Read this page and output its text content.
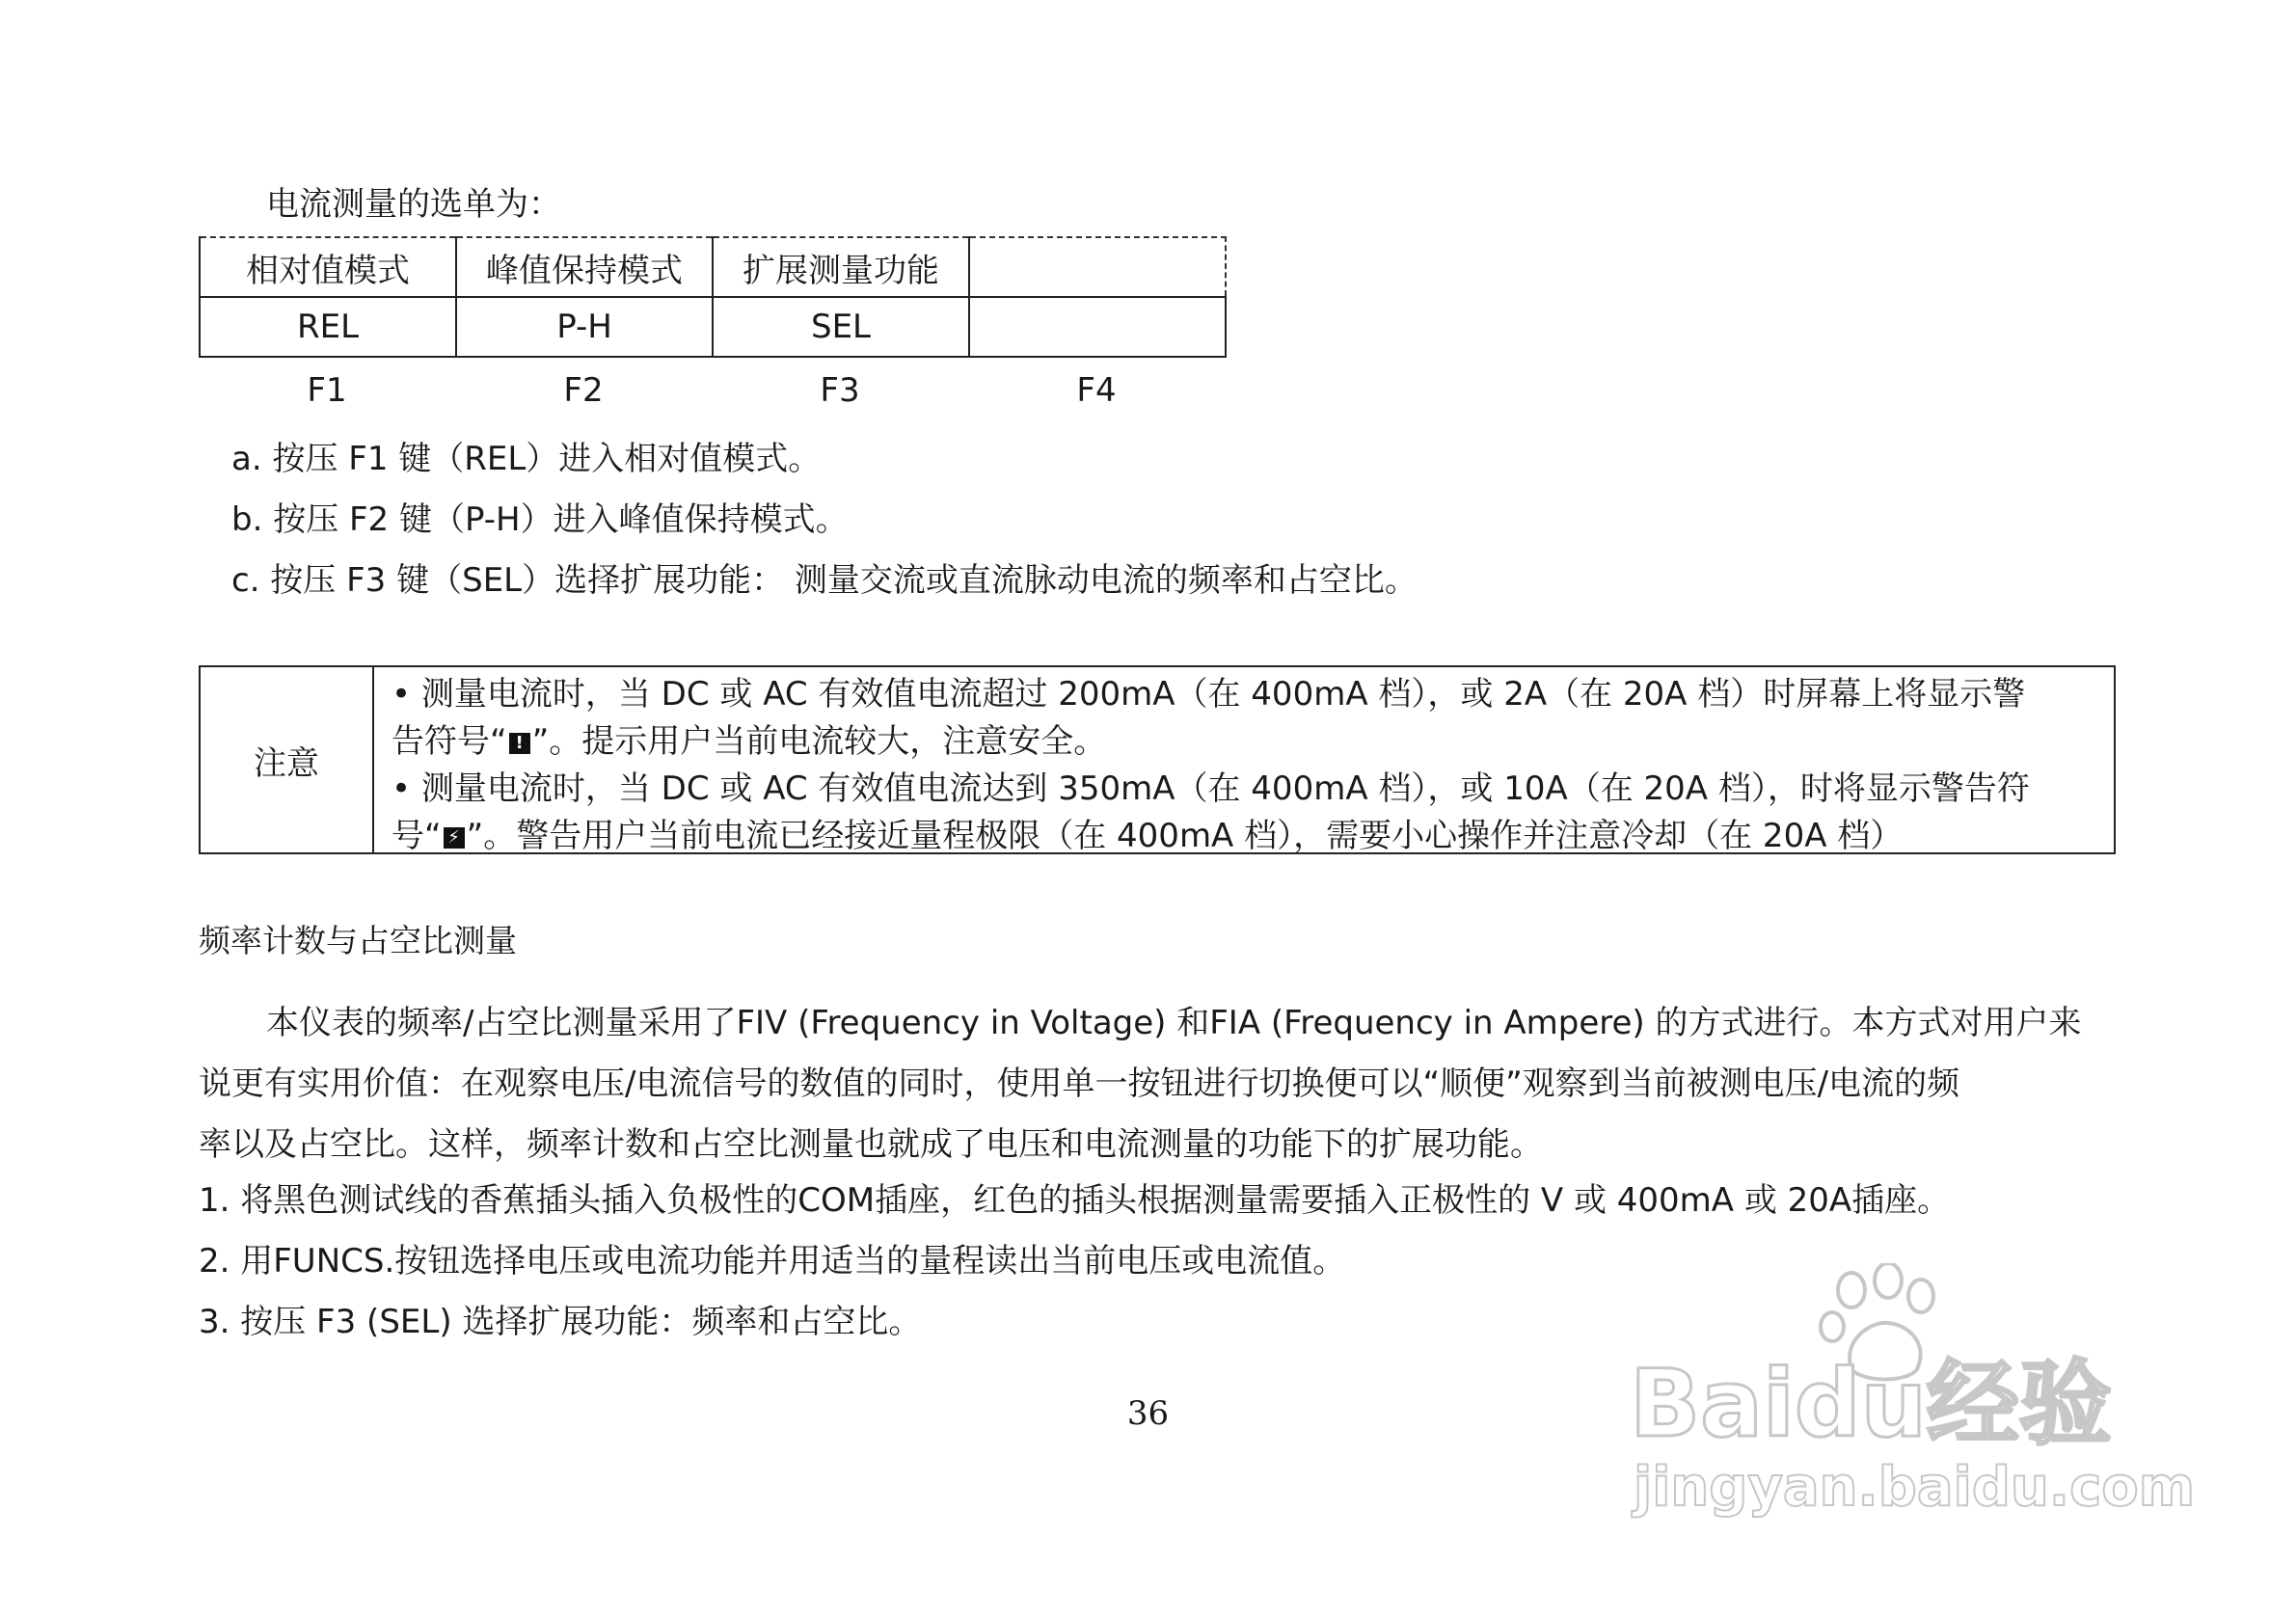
电流测量的选单为：
相对值模式	峰值保持模式	扩展测量功能	
REL	P-H	SEL	
F1	F2	F3	F4
a. 按压 F1 键（REL）进入相对值模式。
b. 按压 F2 键（P-H）进入峰值保持模式。
c. 按压 F3 键（SEL）选择扩展功能： 测量交流或直流脉动电流的频率和占空比。
注意
• 测量电流时，当 DC 或 AC 有效值电流超过 200mA（在 400mA 档），或 2A（在 20A 档）时屏幕上将显示警
告符号“ ! ”。提示用户当前电流较大，注意安全。
• 测量电流时，当 DC 或 AC 有效值电流达到 350mA（在 400mA 档），或 10A（在 20A 档），时将显示警告符
号“ ⚡ ”。警告用户当前电流已经接近量程极限（在 400mA 档），需要小心操作并注意冷却（在 20A 档）
频率计数与占空比测量
本仪表的频率/占空比测量采用了FIV (Frequency in Voltage) 和FIA (Frequency in Ampere) 的方式进行。本方式对用户来
说更有实用价值：在观察电压/电流信号的数值的同时，使用单一按钮进行切换便可以“顺便”观察到当前被测电压/电流的频
率以及占空比。这样，频率计数和占空比测量也就成了电压和电流测量的功能下的扩展功能。
1. 将黑色测试线的香蕉插头插入负极性的COM插座，红色的插头根据测量需要插入正极性的 V 或 400mA 或 20A插座。
2. 用FUNCS.按钮选择电压或电流功能并用适当的量程读出当前电压或电流值。
3. 按压 F3 (SEL) 选择扩展功能：频率和占空比。
36	Baidu经验
jingyan.baidu.com
